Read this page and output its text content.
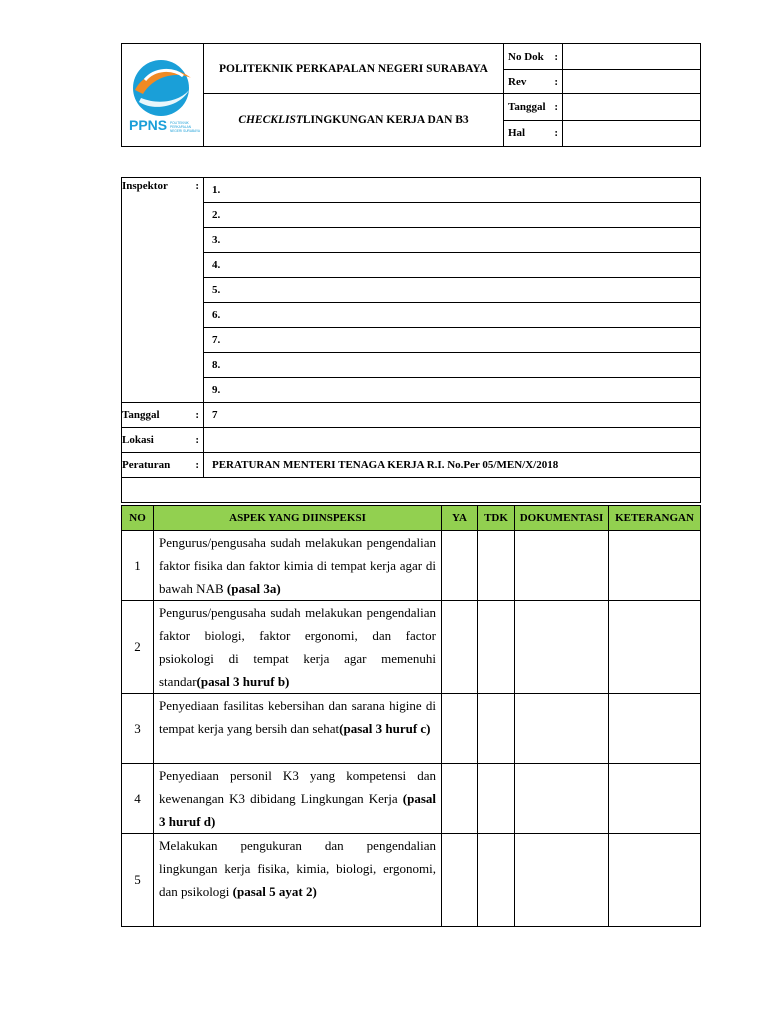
PPNS POLITEKNIK
PERKAPALAN
NEGERI SURABAYA	POLITEKNIK PERKAPALAN NEGERI SURABAYA	No Dok :	

		Rev :	

	CHECKLISTLINGKUNGAN KERJA DAN B3	Tanggal :	

		Hal :	

Inspektor :	1.
	2.
	3.
	4.
	5.
	6.
	7.
	8.
	9.
Tanggal :	7
Lokasi :	

Peraturan :	PERATURAN MENTERI TENAGA KERJA R.I. No.Per 05/MEN/X/2018

NO	ASPEK YANG DIINSPEKSI	YA	TDK	DOKUMENTASI	KETERANGAN
1	Pengurus/pengusaha sudah melakukan pengendalian faktor fisika dan faktor kimia di tempat kerja agar di bawah NAB (pasal 3a)				
2	Pengurus/pengusaha sudah melakukan pengendalian faktor biologi, faktor ergonomi, dan factor psiokologi di tempat kerja agar memenuhi standar(pasal 3 huruf b)				
3	Penyediaan fasilitas kebersihan dan sarana higine di tempat kerja yang bersih dan sehat(pasal 3 huruf c)				
4	Penyediaan personil K3 yang kompetensi dan kewenangan K3 dibidang Lingkungan Kerja (pasal 3 huruf d)				
5	Melakukan pengukuran dan pengendalian lingkungan kerja fisika, kimia, biologi, ergonomi, dan psikologi (pasal 5 ayat 2)				
